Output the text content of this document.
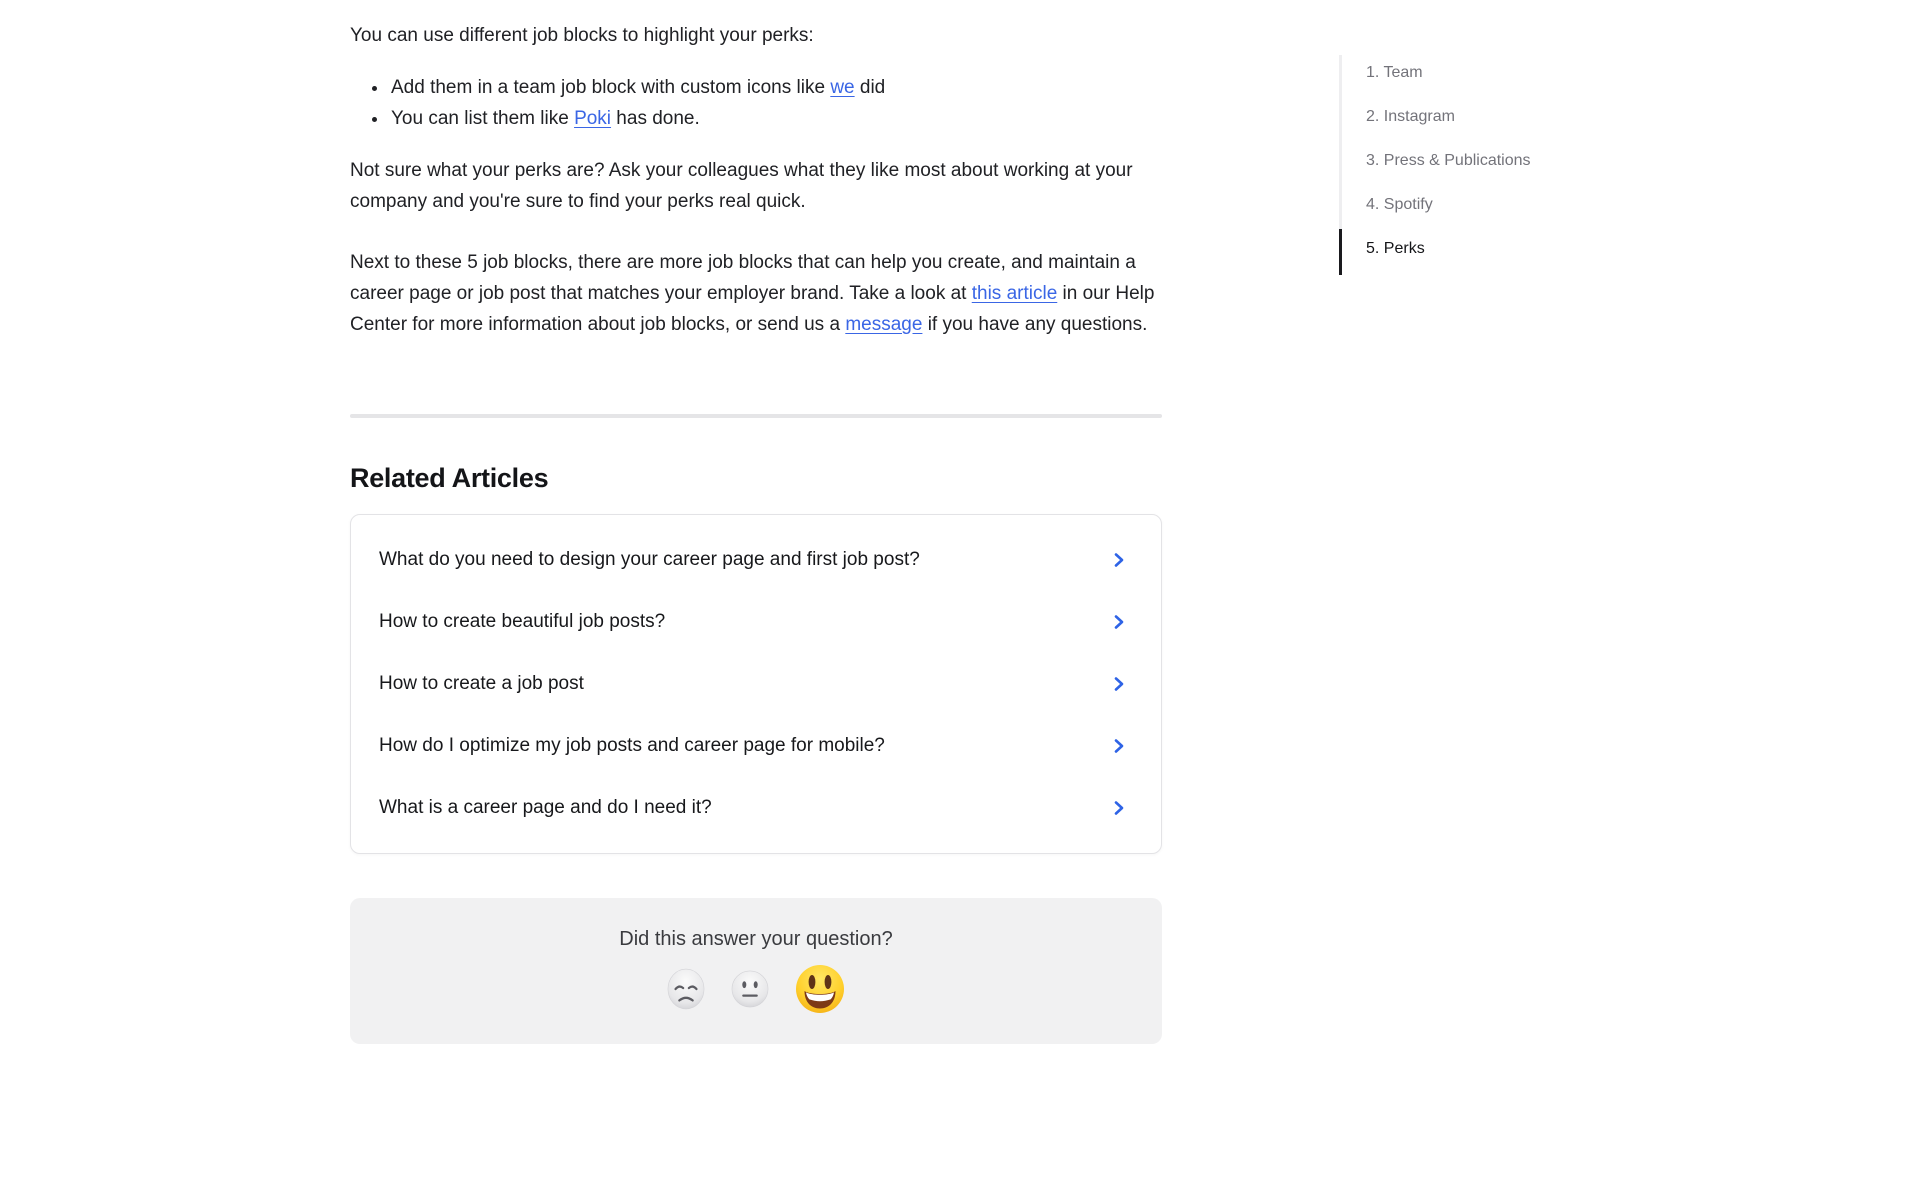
You can use different job blocks to highlight your perks:

• Add them in a team job block with custom icons like we did
• You can list them like Poki has done.

Not sure what your perks are? Ask your colleagues what they like most about working at your company and you're sure to find your perks real quick.

Next to these 5 job blocks, there are more job blocks that can help you create, and maintain a career page or job post that matches your employer brand. Take a look at this article in our Help Center for more information about job blocks, or send us a message if you have any questions.

Related Articles
What do you need to design your career page and first job post?
How to create beautiful job posts?
How to create a job post
How do I optimize my job posts and career page for mobile?
What is a career page and do I need it?
Did this answer your question?
1. Team
2. Instagram
3. Press & Publications
4. Spotify
5. Perks
